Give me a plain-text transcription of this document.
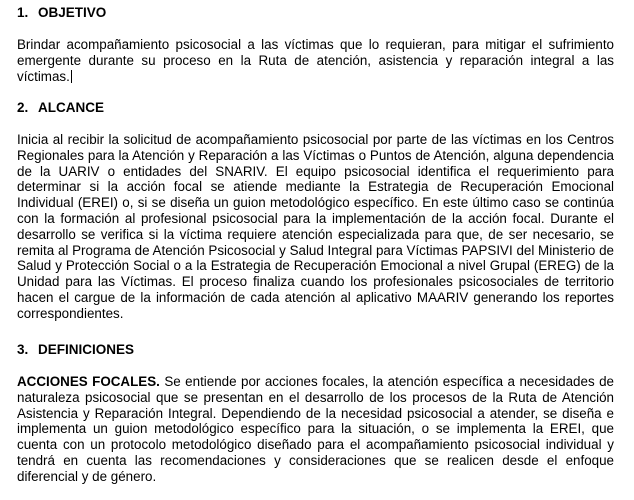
1. OBJETIVO
Brindar acompañamiento psicosocial a las víctimas que lo requieran, para mitigar el sufrimiento emergente durante su proceso en la Ruta de atención, asistencia y reparación integral a las víctimas.
2. ALCANCE
Inicia al recibir la solicitud de acompañamiento psicosocial por parte de las víctimas en los Centros Regionales para la Atención y Reparación a las Víctimas o Puntos de Atención, alguna dependencia de la UARIV o entidades del SNARIV. El equipo psicosocial identifica el requerimiento para determinar si la acción focal se atiende mediante la Estrategia de Recuperación Emocional Individual (EREI) o, si se diseña un guion metodológico específico. En este último caso se continúa con la formación al profesional psicosocial para la implementación de la acción focal. Durante el desarrollo se verifica si la víctima requiere atención especializada para que, de ser necesario, se remita al Programa de Atención Psicosocial y Salud Integral para Víctimas PAPSIVI del Ministerio de Salud y Protección Social o a la Estrategia de Recuperación Emocional a nivel Grupal (EREG) de la Unidad para las Víctimas. El proceso finaliza cuando los profesionales psicosociales de territorio hacen el cargue de la información de cada atención al aplicativo MAARIV generando los reportes correspondientes.
3. DEFINICIONES
ACCIONES FOCALES. Se entiende por acciones focales, la atención específica a necesidades de naturaleza psicosocial que se presentan en el desarrollo de los procesos de la Ruta de Atención Asistencia y Reparación Integral. Dependiendo de la necesidad psicosocial a atender, se diseña e implementa un guion metodológico específico para la situación, o se implementa la EREI, que cuenta con un protocolo metodológico diseñado para el acompañamiento psicosocial individual y tendrá en cuenta las recomendaciones y consideraciones que se realicen desde el enfoque diferencial y de género.
